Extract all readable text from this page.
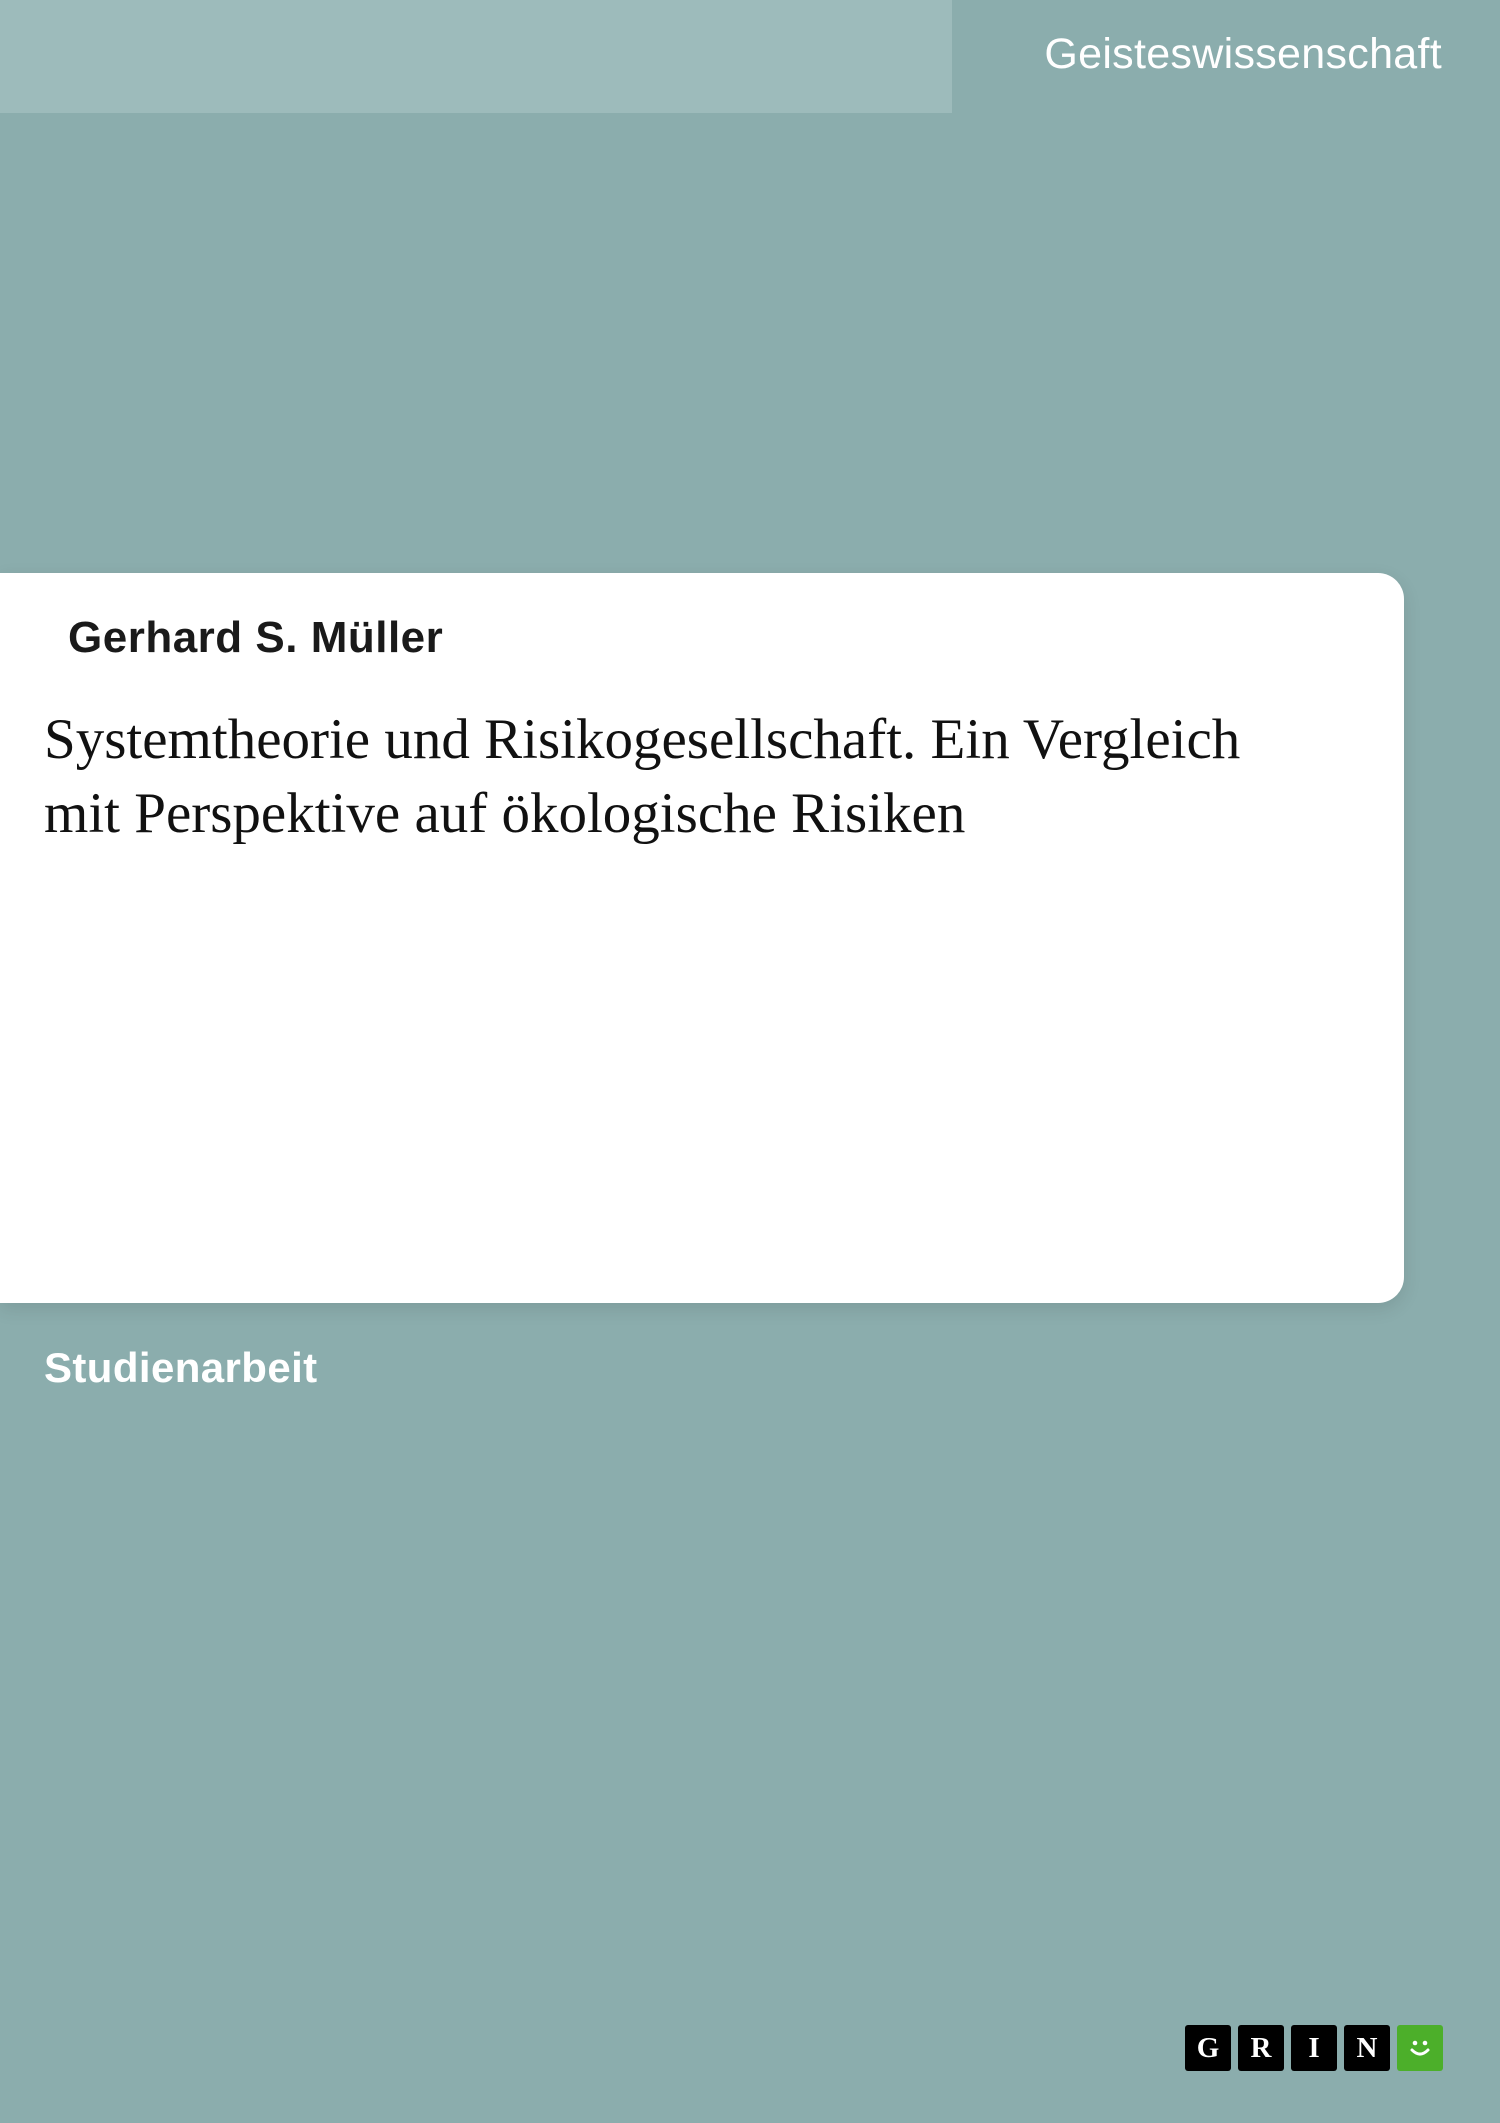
Geisteswissenschaft
Gerhard S. Müller
Systemtheorie und Risikogesellschaft. Ein Vergleich mit Perspektive auf ökologische Risiken
Studienarbeit
G	R	I	N
